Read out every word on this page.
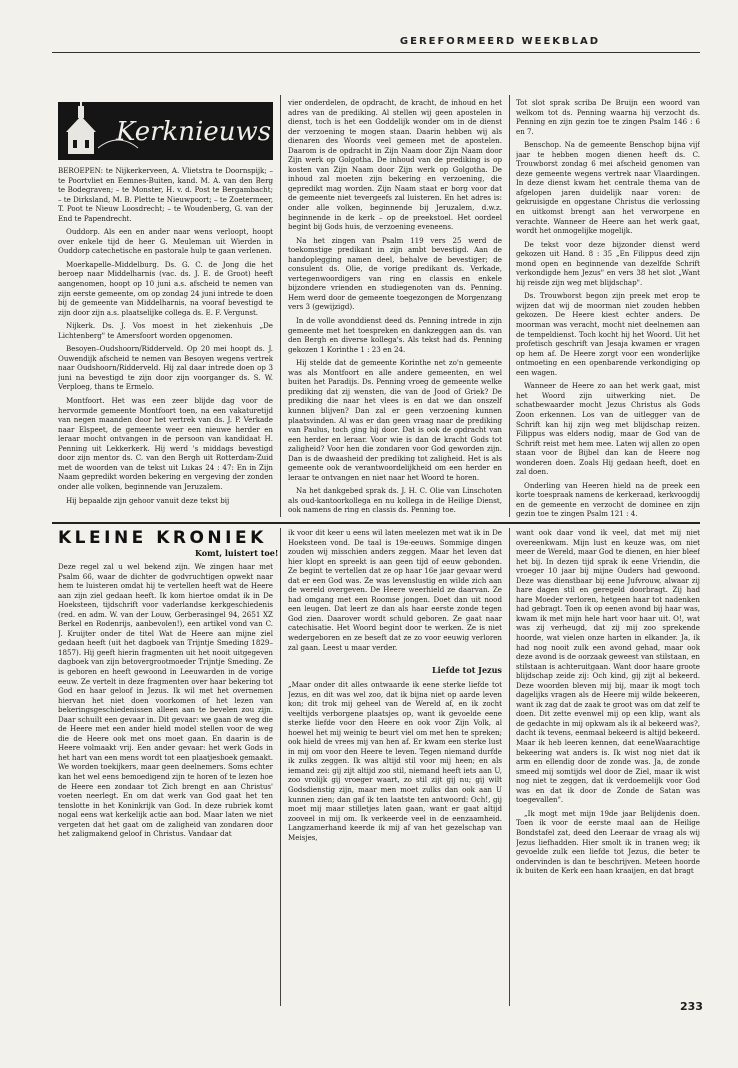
GEREFORMEERD WEEKBLAD
Kerknieuws

BEROEPEN: te Nijkerkerveen, A. Vlietstra te Doornspijk; – te Poortvliet en Eemnes-Buiten, kand. M. A. van den Berg te Bodegraven; – te Monster, H. v. d. Post te Bergambacht; – te Dirksland, M. B. Plette te Nieuwpoort; – te Zoetermeer, T. Poot te Nieuw Loosdrecht; – te Woudenberg, G. van der End te Papendrecht.

Ouddorp. Als een en ander naar wens verloopt, hoopt over enkele tijd de heer G. Meuleman uit Wierden in Ouddorp catechetische en pastorale hulp te gaan verlenen.

Moerkapelle–Middelburg. Ds. G. C. de Jong die het beroep naar Middelharnis (vac. ds. J. E. de Groot) heeft aangenomen, hoopt op 10 juni a.s. afscheid te nemen van zijn eerste gemeente, om op zondag 24 juni intrede te doen bij de gemeente van Middelharnis, na vooraf bevestigd te zijn door zijn a.s. plaatselijke collega ds. E. F. Vergunst.

Nijkerk. Ds. J. Vos moest in het ziekenhuis „De Lichtenberg" te Amersfoort worden opgenomen.

Besoyen–Oudshoorn/Ridderveld. Op 20 mei hoopt ds. J. Ouwendijk afscheid te nemen van Besoyen wegens vertrek naar Oudshoorn/Ridderveld. Hij zal daar intrede doen op 3 juni na bevestigd te zijn door zijn voorganger ds. S. W. Verploeg, thans te Ermelo.

Montfoort. Het was een zeer blijde dag voor de hervormde gemeente Montfoort toen, na een vakaturetijd van negen maanden door het vertrek van ds. J. P. Verkade naar Elspeet, de gemeente weer een nieuwe herder en leraar mocht ontvangen in de persoon van kandidaat H. Penning uit Lekkerkerk. Hij werd 's middags bevestigd door zijn mentor ds. C. van den Bergh uit Rotterdam-Zuid met de woorden van de tekst uit Lukas 24 : 47: En in Zijn Naam gepredikt worden bekering en vergeving der zonden onder alle volken, beginnende van Jeruzalem.

Hij bepaalde zijn gehoor vanuit deze tekst bij

vier onderdelen, de opdracht, de kracht, de inhoud en het adres van de prediking. Al stellen wij geen apostelen in dienst, toch is het een Goddelijk wonder om in de dienst der verzoening te mogen staan. Daarin hebben wij als dienaren des Woords veel gemeen met de apostelen. Daarom is de opdracht in Zijn Naam door Zijn Naam door Zijn werk op Golgotha. De inhoud van de prediking is op kosten van Zijn Naam door Zijn werk op Golgotha. De inhoud zal moeten zijn bekering en verzoening, die gepredikt mag worden. Zijn Naam staat er borg voor dat de gemeente niet tevergeefs zal luisteren. En het adres is: onder alle volken, beginnende bij Jeruzalem, d.w.z. beginnende in de kerk – op de preekstoel. Het oordeel begint bij Gods huis, de verzoening eveneens.

Na het zingen van Psalm 119 vers 25 werd de toekomstige predikant in zijn ambt bevestigd. Aan de handoplegging namen deel, behalve de bevestiger; de consulent ds. Olie, de vorige predikant ds. Verkade, vertegenwoordigers van ring en classis en enkele bijzondere vrienden en studiegenoten van ds. Penning. Hem werd door de gemeente toegezongen de Morgenzang vers 3 (gewijzigd).

In de volle avonddienst deed ds. Penning intrede in zijn gemeente met het toespreken en dankzeggen aan ds. van den Bergh en diverse kollega's. Als tekst had ds. Penning gekozen 1 Korinthe 1 : 23 en 24.

Hij stelde dat de gemeente Korinthe net zo'n gemeente was als Montfoort en alle andere gemeenten, en wel buiten het Paradijs. Ds. Penning vroeg de gemeente welke prediking dat zij wensten, die van de Jood of Griek? De prediking die naar het vlees is en dat we dan onszelf kunnen blijven? Dan zal er geen verzoening kunnen plaatsvinden. Al was er dan geen vraag naar de prediking van Paulus, toch ging hij door. Dat is ook de opdracht van een herder en leraar. Voor wie is dan de kracht Gods tot zaligheid? Voor hen die zondaren voor God geworden zijn. Dan is de dwaasheid der prediking tot zaligheid. Het is als gemeente ook de verantwoordelijkheid om een herder en leraar te ontvangen en niet naar het Woord te horen.

Na het dankgebed sprak ds. J. H. C. Olie van Linschoten als oud-kantoorkollega en nu kollega in de Heilige Dienst, ook namens de ring en classis ds. Penning toe.

Tot slot sprak scriba De Bruijn een woord van welkom tot ds. Penning waarna hij verzocht ds. Penning en zijn gezin toe te zingen Psalm 146 : 6 en 7.

Benschop. Na de gemeente Benschop bijna vijf jaar te hebben mogen dienen heeft ds. C. Trouwborst zondag 6 mei afscheid genomen van deze gemeente wegens vertrek naar Vlaardingen. In deze dienst kwam het centrale thema van de afgelopen jaren duidelijk naar voren: de gekruisigde en opgestane Christus die verlossing en uitkomst brengt aan het verworpene en verachte. Wanneer de Heere aan het werk gaat, wordt het onmogelijke mogelijk.

De tekst voor deze bijzonder dienst werd gekozen uit Hand. 8 : 35 „En Filippus deed zijn mond open en beginnende van dezelfde Schrift verkondigde hem Jezus" en vers 38 het slot „Want hij reisde zijn weg met blijdschap".

Ds. Trouwborst begon zijn preek met erop te wijzen dat wij de moorman niet zouden hebben gekozen. De Heere kiest echter anders. De moorman was veracht, mocht niet deelnemen aan de tempeldienst. Toch kocht hij het Woord. Uit het profetisch geschrift van Jesaja kwamen er vragen op hem af. De Heere zorgt voor een wonderlijke ontmoeting en een openbarende verkondiging op een wagen.

Wanneer de Heere zo aan het werk gaat, mist het Woord zijn uitwerking niet. De schatbewaarder mocht Jezus Christus als Gods Zoon erkennen. Los van de uitlegger van de Schrift kan hij zijn weg met blijdschap reizen. Filippus was elders nodig, maar de God van de Schrift reist met hem mee. Laten wij allen zo open staan voor de Bijbel dan kan de Heere nog wonderen doen. Zoals Hij gedaan heeft, doet en zal doen.

Onderling van Heeren hield na de preek een korte toespraak namens de kerkeraad, kerkvoogdij en de gemeente en verzocht de dominee en zijn gezin toe te zingen Psalm 121 : 4.

KLEINE KRONIEK
Komt, luistert toe!

Deze regel zal u wel bekend zijn. We zingen haar met Psalm 66, waar de dichter de godvruchtigen opwekt naar hem te luisteren omdat hij te vertellen heeft wat de Heere aan zijn ziel gedaan heeft. Ik kom hiertoe omdat ik in De Hoeksteen, tijdschrift voor vaderlandse kerkgeschiedenis (red. en adm. W. van der Louw, Gerberasingel 94, 2651 XZ Berkel en Rodenrijs, aanbevolen!), een artikel vond van C. J. Kruijter onder de titel Wat de Heere aan mijne ziel gedaan heeft (uit het dagboek van Trijntje Smeding 1829–1857). Hij geeft hierin fragmenten uit het nooit uitgegeven dagboek van zijn betovergrootmoeder Trijntje Smeding. Ze is geboren en heeft gewoond in Leeuwarden in de vorige eeuw. Ze vertelt in deze fragmenten over haar bekering tot God en haar geloof in Jezus. Ik wil met het overnemen hiervan het niet doen voorkomen of het lezen van bekeringsgeschiedenissen alleen aan te bevelen zou zijn. Daar schuilt een gevaar in. Dit gevaar: we gaan de weg die de Heere met een ander hield model stellen voor de weg die de Heere ook met ons moet gaan. En daarin is de Heere volmaakt vrij. Een ander gevaar: het werk Gods in het hart van een mens wordt tot een plaatjesboek gemaakt. We worden toekijkers, maar geen deelnemers. Soms echter kan het wel eens bemoedigend zijn te horen of te lezen hoe de Heere een zondaar tot Zich brengt en aan Christus' voeten neerlegt. En om dat werk van God gaat het ten tenslotte in het Koninkrijk van God. In deze rubriek komt nogal eens wat kerkelijk actie aan bod. Maar laten we niet vergeten dat het gaat om de zaligheid van zondaren door het zaligmakend geloof in Christus. Vandaar dat

ik voor dit keer u eens wil laten meelezen met wat ik in De Hoeksteen vond. De taal is 19e-eeuws. Sommige dingen zouden wij misschien anders zeggen. Maar het leven dat hier klopt en spreekt is aan geen tijd of eeuw gebonden. Ze begint te vertellen dat ze op haar 16e jaar gevaar werd dat er een God was. Ze was levenslustig en wilde zich aan de wereld overgeven. De Heere weerhield ze daarvan. Ze had omgang met een Roomse jongen. Doet dan uit nood een leugen. Dat leert ze dan als haar eerste zonde tegen God zien. Daarover wordt schuld geboren. Ze gaat naar catechisatie. Het Woord begint door te werken. Ze is niet wedergeboren en ze beseft dat ze zo voor eeuwig verloren zal gaan. Leest u maar verder.

Liefde tot Jezus

„Maar onder dit alles ontwaarde ik eene sterke liefde tot Jezus, en dit was wel zoo, dat ik bijna niet op aarde leven kon; dit trok mij geheel van de Wereld af, en ik zocht veeltijds verborgene plaatsjes op, want ik gevoelde eene sterke liefde voor den Heere en ook voor Zijn Volk, al hoewel het mij weinig te beurt viel om met hen te spreken; ook hield de vrees mij van hen af. Er kwam een sterke lust in mij om voor den Heere te leven. Tegen niemand durfde ik zulks zeggen. Ik was altijd stil voor mij heen; en als iemand zei: gij zijt altijd zoo stil, niemand heeft iets aan U, zoo vrolijk gij vroeger waart, zo stil zijt gij nu; gij wilt Godsdienstig zijn, maar men moet zulks dan ook aan U kunnen zien; dan gaf ik ten laatste ten antwoord: Och!, gij moet mij maar stilletjes laten gaan, want er gaat altijd zooveel in mij om. Ik verkeerde veel in de eenzaamheid. Langzamerhand keerde ik mij af van het gezelschap van Meisjes,

want ook daar vond ik veel, dat met mij niet overeenkwam. Mijn lust en keuze was, om niet meer de Wereld, maar God te dienen, en hier bleef het bij. In dezen tijd sprak ik eene Vriendin, die vroeger 10 jaar bij mijne Ouders had gewoond. Deze was dienstbaar bij eene Jufvrouw, alwaar zij hare dagen stil en geregeld doorbragt. Zij had hare Moeder verloren, hetgeen haar tot nadenken had gebragt. Toen ik op eenen avond bij haar was, kwam ik met mijn hele hart voor haar uit. O!, wat was zij verheugd, dat zij mij zoo sprekende hoorde, wat vielen onze harten in elkander. Ja, ik had nog nooit zulk een avond gehad, maar ook deze avond is de oorzaak geweest van stilstaan, en stilstaan is achteruitgaan. Want door haare groote blijdschap zeide zij: Och kind, gij zijt al bekeerd. Deze woorden bleven mij bij, maar ik mogt toch dagelijks vragen als de Heere mij wilde bekeeren, want ik zag dat de zaak te groot was om dat zelf te doen. Dit zette evenwel mij op een klip, want als de gedachte in mij opkwam als ik al bekeerd was?, dacht ik tevens, eenmaal bekeerd is altijd bekeerd. Maar ik heb leeren kennen, dat eeneWaarachtige bekeering wat anders is. Ik wist nog niet dat ik arm en ellendig door de zonde was. Ja, de zonde smeed mij somtijds wel door de Ziel, maar ik wist nog niet te zeggen, dat ik verdoemelijk voor God was en dat ik door de Zonde de Satan was toegevallen".

„Ik mogt met mijn 19de jaar Belijdenis doen. Toen ik voor de eerste maal aan de Heilige Bondstafel zat, deed den Leeraar de vraag als wij Jezus liefhadden. Hier smolt ik in tranen weg; ik gevoelde zulk een liefde tot Jezus, die beter te ondervinden is dan te beschrijven. Meteen hoorde ik buiten de Kerk een haan kraaijen, en dat bragt

233
